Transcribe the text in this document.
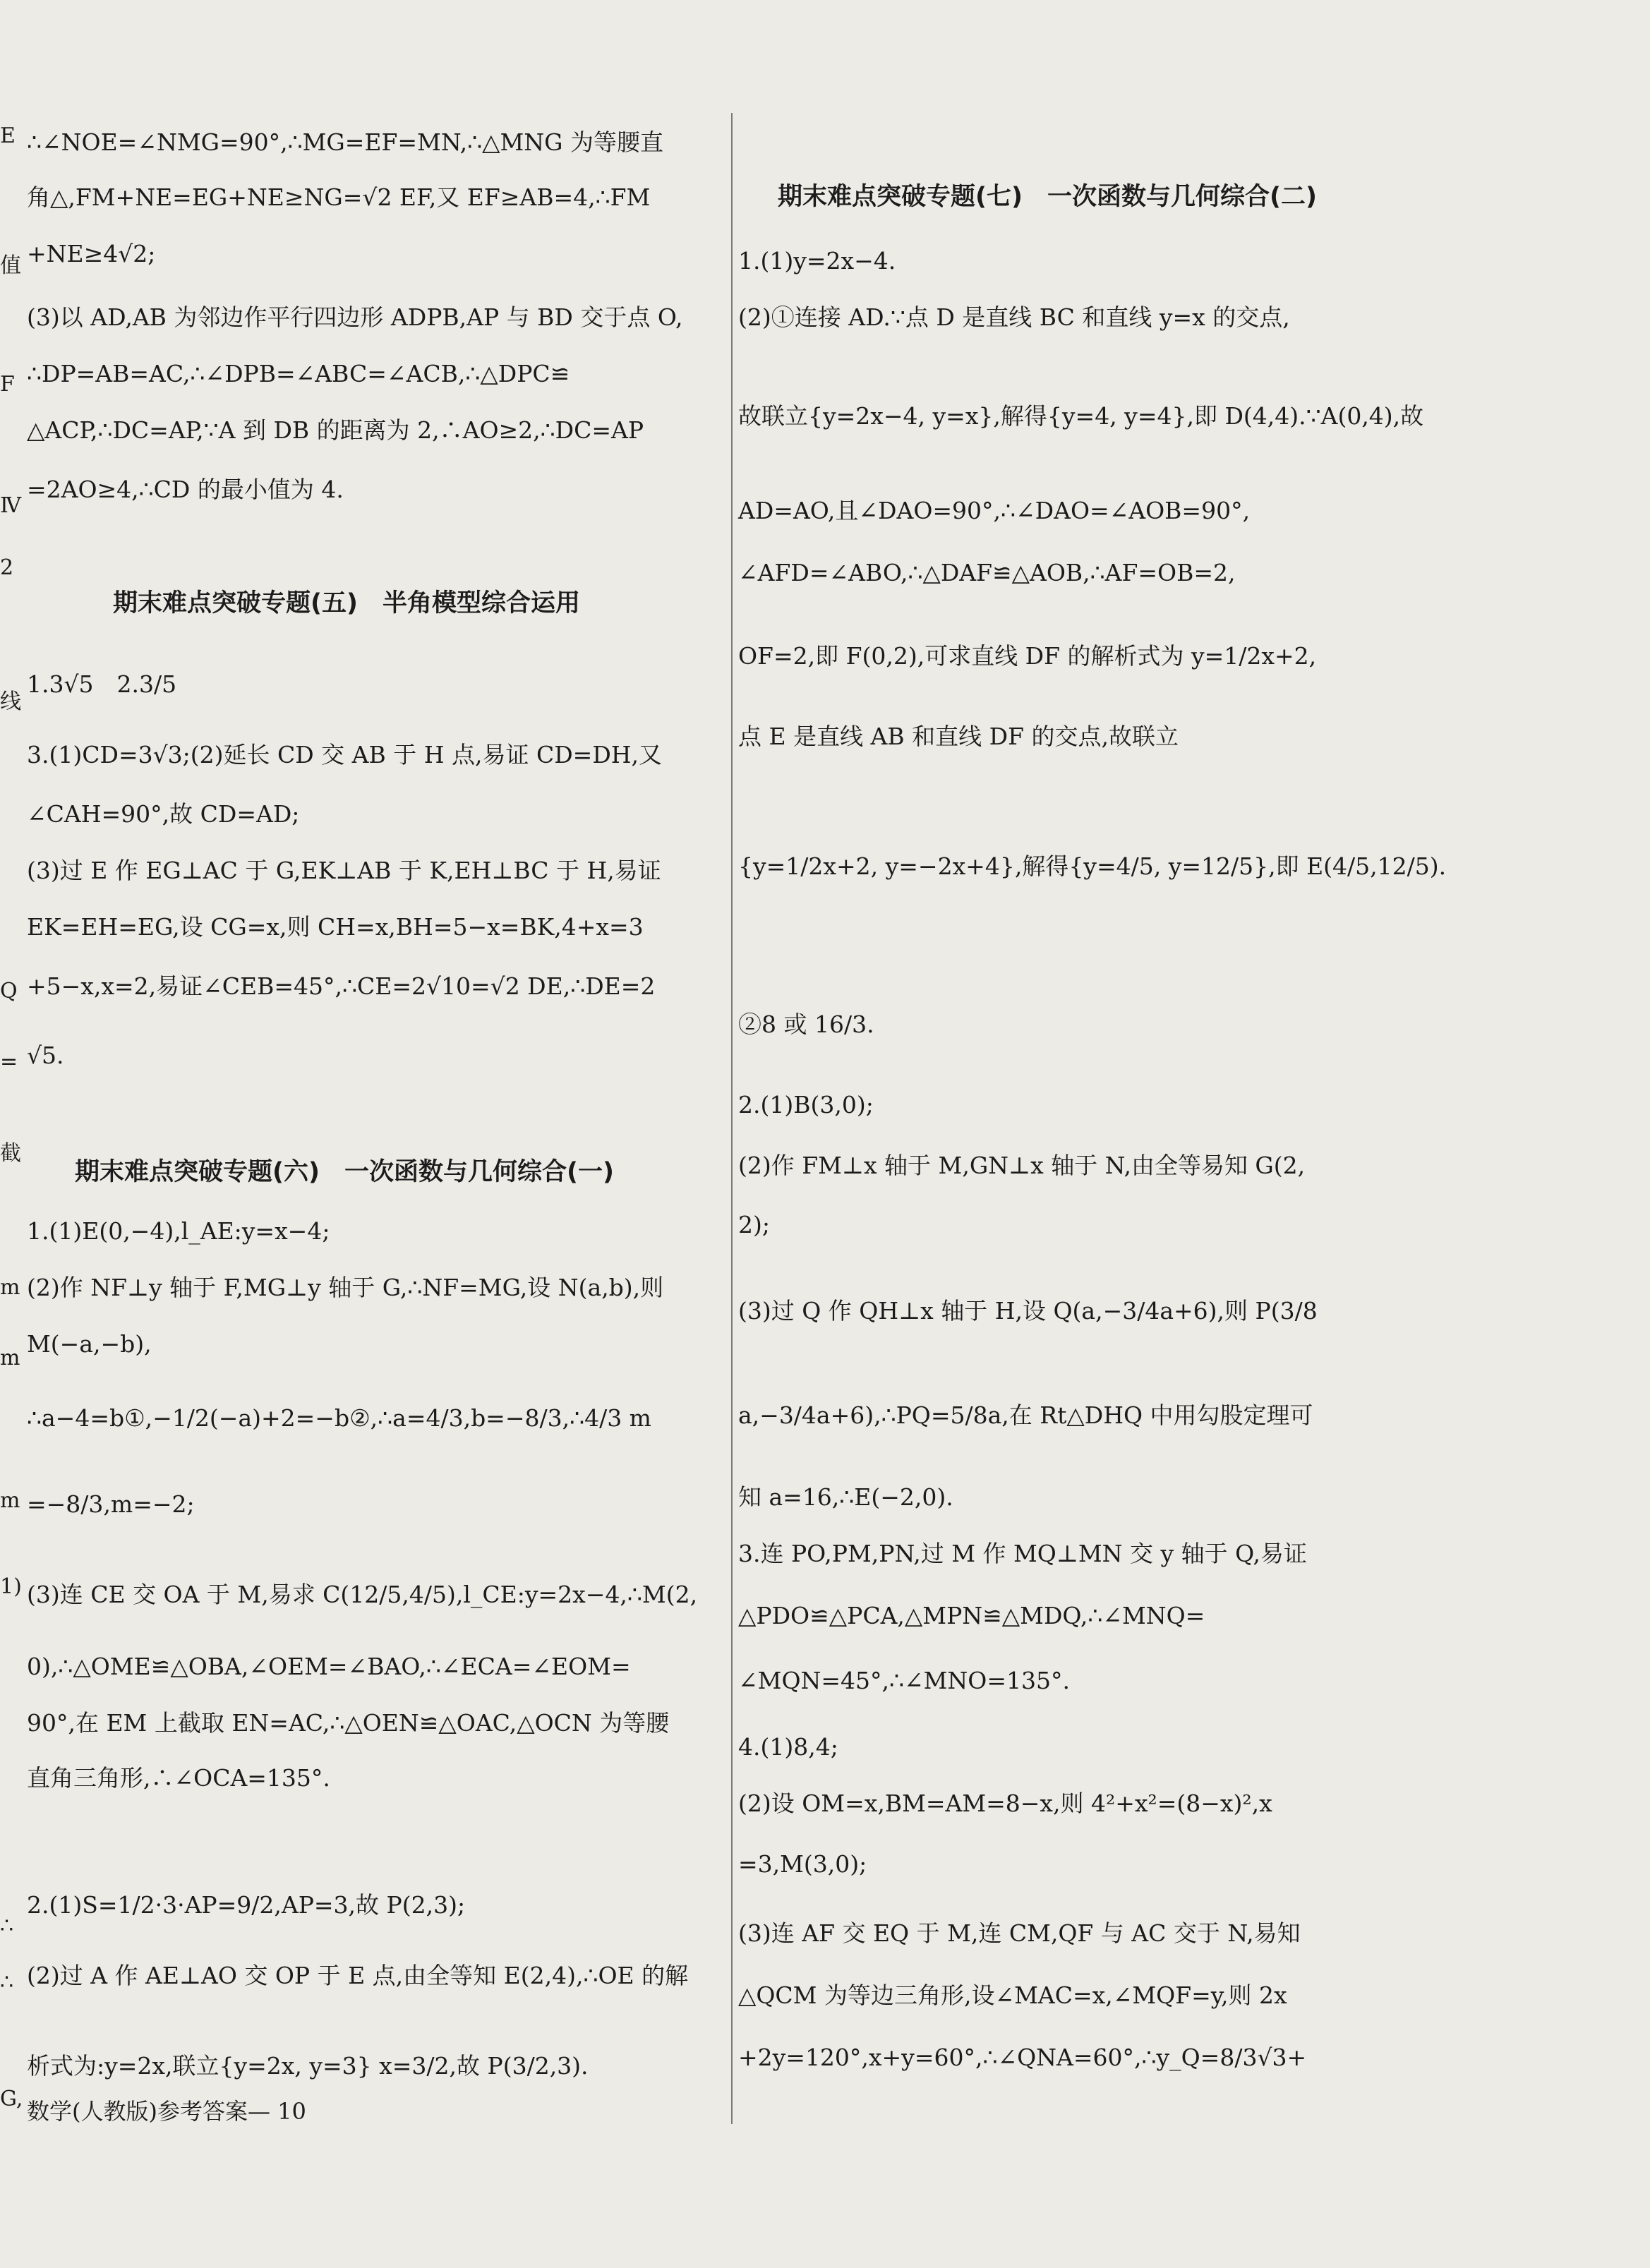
E
值
F
Ⅳ
2
线
Q
=
截
m
m
m
1)
∴
∴
G,
∴∠NOE=∠NMG=90°,∴MG=EF=MN,∴△MNG 为等腰直
角△,FM+NE=EG+NE≥NG=√2 EF,又 EF≥AB=4,∴FM
+NE≥4√2;
(3)以 AD,AB 为邻边作平行四边形 ADPB,AP 与 BD 交于点 O,
∴DP=AB=AC,∴∠DPB=∠ABC=∠ACB,∴△DPC≌
△ACP,∴DC=AP,∵A 到 DB 的距离为 2,∴AO≥2,∴DC=AP
=2AO≥4,∴CD 的最小值为 4.
期末难点突破专题(五)　半角模型综合运用
1.3√5　2.3/5
3.(1)CD=3√3;(2)延长 CD 交 AB 于 H 点,易证 CD=DH,又
∠CAH=90°,故 CD=AD;
(3)过 E 作 EG⊥AC 于 G,EK⊥AB 于 K,EH⊥BC 于 H,易证
EK=EH=EG,设 CG=x,则 CH=x,BH=5−x=BK,4+x=3
+5−x,x=2,易证∠CEB=45°,∴CE=2√10=√2 DE,∴DE=2
√5.
期末难点突破专题(六)　一次函数与几何综合(一)
1.(1)E(0,−4),l_AE:y=x−4;
(2)作 NF⊥y 轴于 F,MG⊥y 轴于 G,∴NF=MG,设 N(a,b),则
M(−a,−b),
∴a−4=b①,−1/2(−a)+2=−b②,∴a=4/3,b=−8/3,∴4/3 m
=−8/3,m=−2;
(3)连 CE 交 OA 于 M,易求 C(12/5,4/5),l_CE:y=2x−4,∴M(2,
0),∴△OME≌△OBA,∠OEM=∠BAO,∴∠ECA=∠EOM=
90°,在 EM 上截取 EN=AC,∴△OEN≌△OAC,△OCN 为等腰
直角三角形,∴∠OCA=135°.
2.(1)S=1/2·3·AP=9/2,AP=3,故 P(2,3);
(2)过 A 作 AE⊥AO 交 OP 于 E 点,由全等知 E(2,4),∴OE 的解
析式为:y=2x,联立{y=2x, y=3} x=3/2,故 P(3/2,3).
数学(人教版)参考答案— 10
期末难点突破专题(七)　一次函数与几何综合(二)
1.(1)y=2x−4.
(2)①连接 AD.∵点 D 是直线 BC 和直线 y=x 的交点,
故联立{y=2x−4, y=x},解得{y=4, y=4},即 D(4,4).∵A(0,4),故
AD=AO,且∠DAO=90°,∴∠DAO=∠AOB=90°,
∠AFD=∠ABO,∴△DAF≌△AOB,∴AF=OB=2,
OF=2,即 F(0,2),可求直线 DF 的解析式为 y=1/2x+2,
点 E 是直线 AB 和直线 DF 的交点,故联立
{y=1/2x+2, y=−2x+4},解得{y=4/5, y=12/5},即 E(4/5,12/5).
②8 或 16/3.
2.(1)B(3,0);
(2)作 FM⊥x 轴于 M,GN⊥x 轴于 N,由全等易知 G(2,
2);
(3)过 Q 作 QH⊥x 轴于 H,设 Q(a,−3/4a+6),则 P(3/8
a,−3/4a+6),∴PQ=5/8a,在 Rt△DHQ 中用勾股定理可
知 a=16,∴E(−2,0).
3.连 PO,PM,PN,过 M 作 MQ⊥MN 交 y 轴于 Q,易证
△PDO≌△PCA,△MPN≌△MDQ,∴∠MNQ=
∠MQN=45°,∴∠MNO=135°.
4.(1)8,4;
(2)设 OM=x,BM=AM=8−x,则 4²+x²=(8−x)²,x
=3,M(3,0);
(3)连 AF 交 EQ 于 M,连 CM,QF 与 AC 交于 N,易知
△QCM 为等边三角形,设∠MAC=x,∠MQF=y,则 2x
+2y=120°,x+y=60°,∴∠QNA=60°,∴y_Q=8/3√3+
